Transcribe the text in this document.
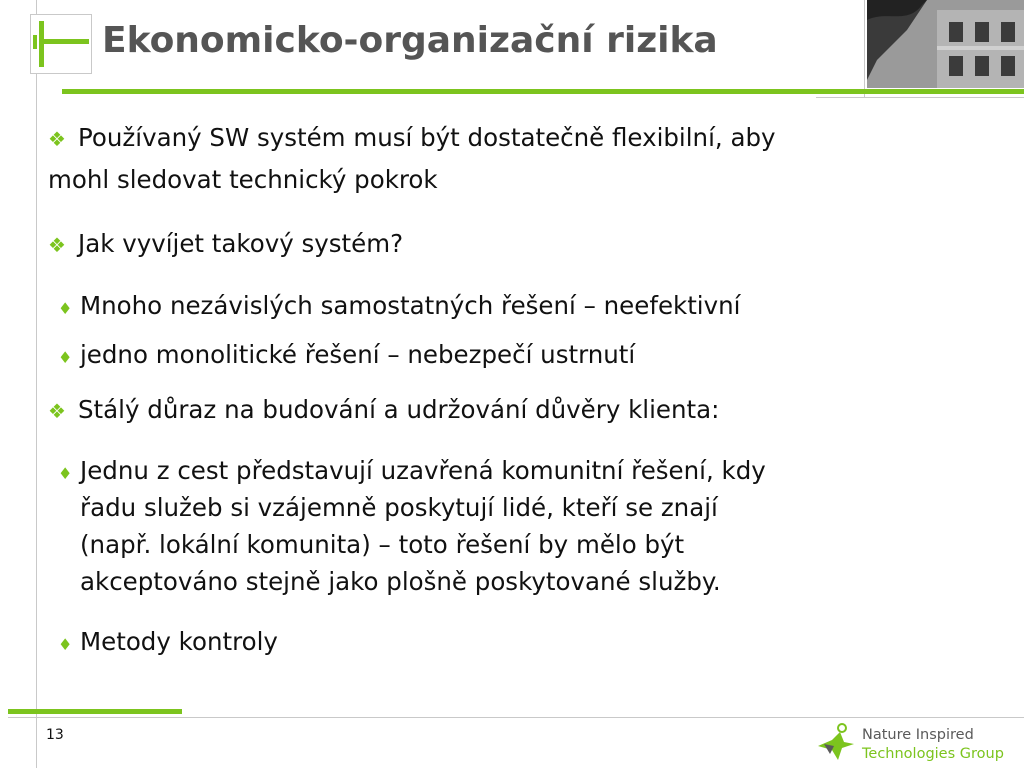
Ekonomicko-organizační rizika
❖ Používaný SW systém musí být dostatečně flexibilní, aby
mohl sledovat technický pokrok
❖ Jak vyvíjet takový systém?
♦ Mnoho nezávislých samostatných řešení – neefektivní
♦ jedno monolitické řešení – nebezpečí ustrnutí
❖ Stálý důraz na budování a udržování důvěry klienta:
♦ Jednu z cest představují uzavřená komunitní řešení, kdy
řadu služeb si vzájemně poskytují lidé, kteří se znají
(např. lokální komunita) – toto řešení by mělo být
akceptováno stejně jako plošně poskytované služby.
♦ Metody kontroly
13	Nature Inspired
Technologies Group
